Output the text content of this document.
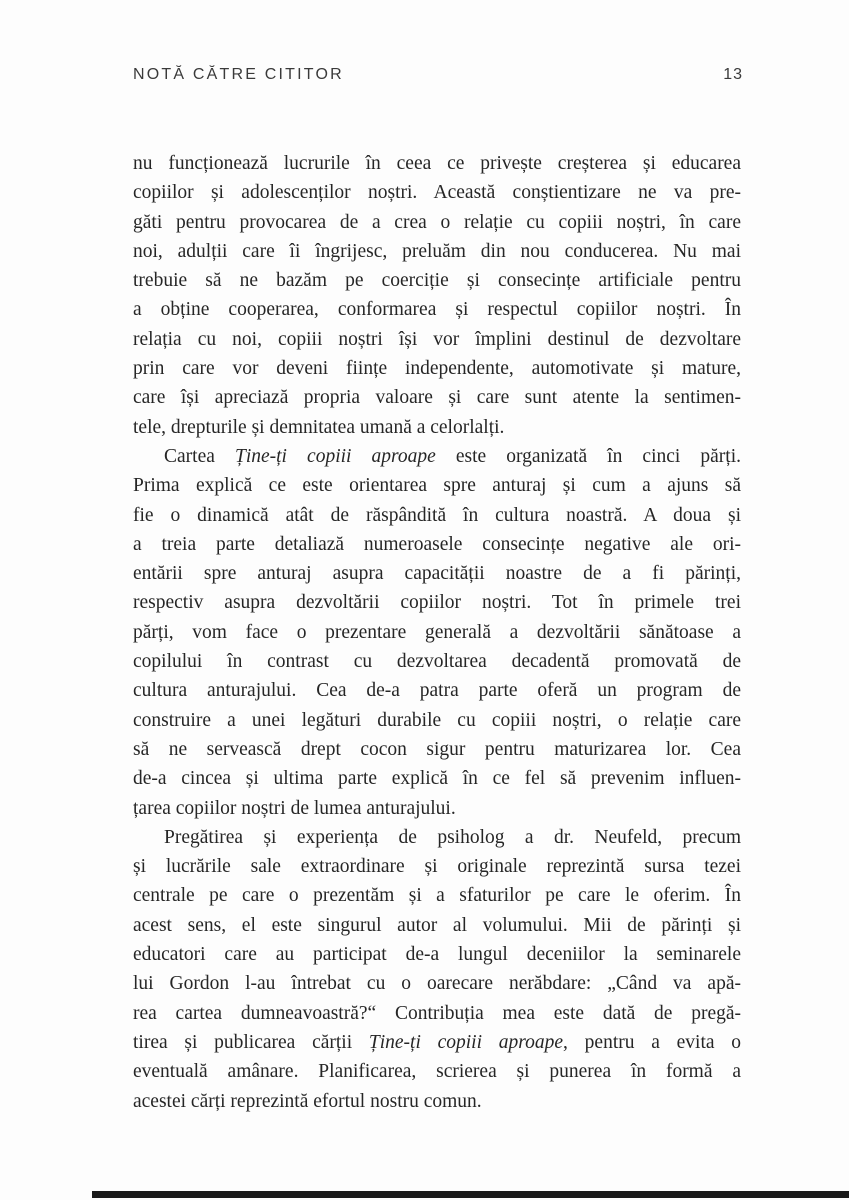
NOTĂ CĂTRE CITITOR	13
nu funcționează lucrurile în ceea ce privește creșterea și educarea
copiilor și adolescenților noștri. Această conștientizare ne va pre-
găti pentru provocarea de a crea o relație cu copiii noștri, în care
noi, adulții care îi îngrijesc, preluăm din nou conducerea. Nu mai
trebuie să ne bazăm pe coerciție și consecințe artificiale pentru
a obține cooperarea, conformarea și respectul copiilor noștri. În
relația cu noi, copiii noștri își vor împlini destinul de dezvoltare
prin care vor deveni ființe independente, automotivate și mature,
care își apreciază propria valoare și care sunt atente la sentimen-
tele, drepturile și demnitatea umană a celorlalți.
Cartea Ține-ți copiii aproape este organizată în cinci părți.
Prima explică ce este orientarea spre anturaj și cum a ajuns să
fie o dinamică atât de răspândită în cultura noastră. A doua și
a treia parte detaliază numeroasele consecințe negative ale ori-
entării spre anturaj asupra capacității noastre de a fi părinți,
respectiv asupra dezvoltării copiilor noștri. Tot în primele trei
părți, vom face o prezentare generală a dezvoltării sănătoase a
copilului în contrast cu dezvoltarea decadentă promovată de
cultura anturajului. Cea de-a patra parte oferă un program de
construire a unei legături durabile cu copiii noștri, o relație care
să ne servească drept cocon sigur pentru maturizarea lor. Cea
de-a cincea și ultima parte explică în ce fel să prevenim influen-
țarea copiilor noștri de lumea anturajului.
Pregătirea și experiența de psiholog a dr. Neufeld, precum
și lucrările sale extraordinare și originale reprezintă sursa tezei
centrale pe care o prezentăm și a sfaturilor pe care le oferim. În
acest sens, el este singurul autor al volumului. Mii de părinți și
educatori care au participat de-a lungul deceniilor la seminarele
lui Gordon l-au întrebat cu o oarecare nerăbdare: „Când va apă-
rea cartea dumneavoastră?“ Contribuția mea este dată de pregă-
tirea și publicarea cărții Ține-ți copiii aproape, pentru a evita o
eventuală amânare. Planificarea, scrierea și punerea în formă a
acestei cărți reprezintă efortul nostru comun.
